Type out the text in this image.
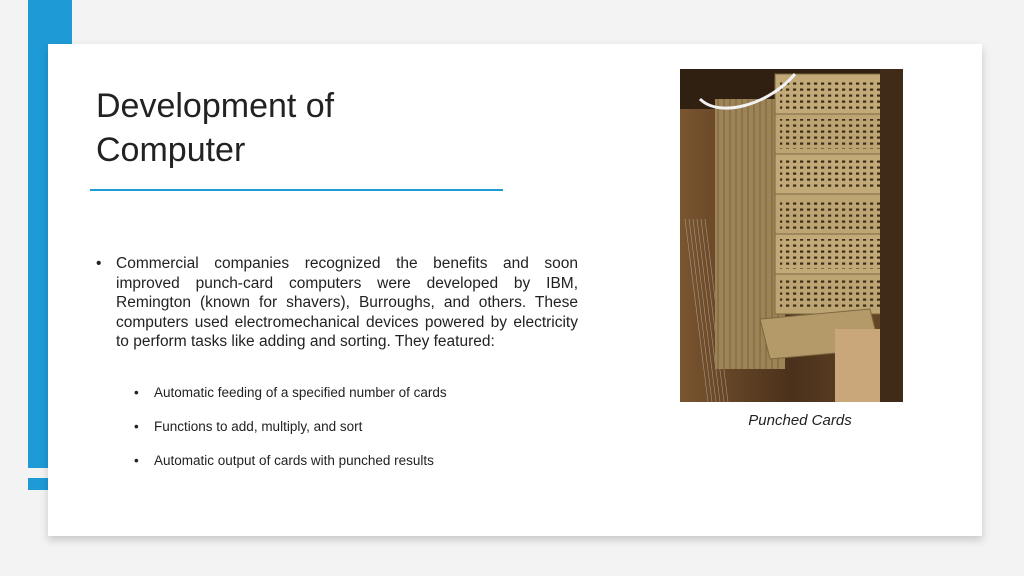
Development of
Computer
• Commercial companies recognized the benefits and soon improved punch-card computers were developed by IBM, Remington (known for shavers), Burroughs, and others. These computers used electromechanical devices powered by electricity to perform tasks like adding and sorting. They featured:
• Automatic feeding of a specified number of cards
• Functions to add, multiply, and sort
• Automatic output of cards with punched results
Punched Cards
